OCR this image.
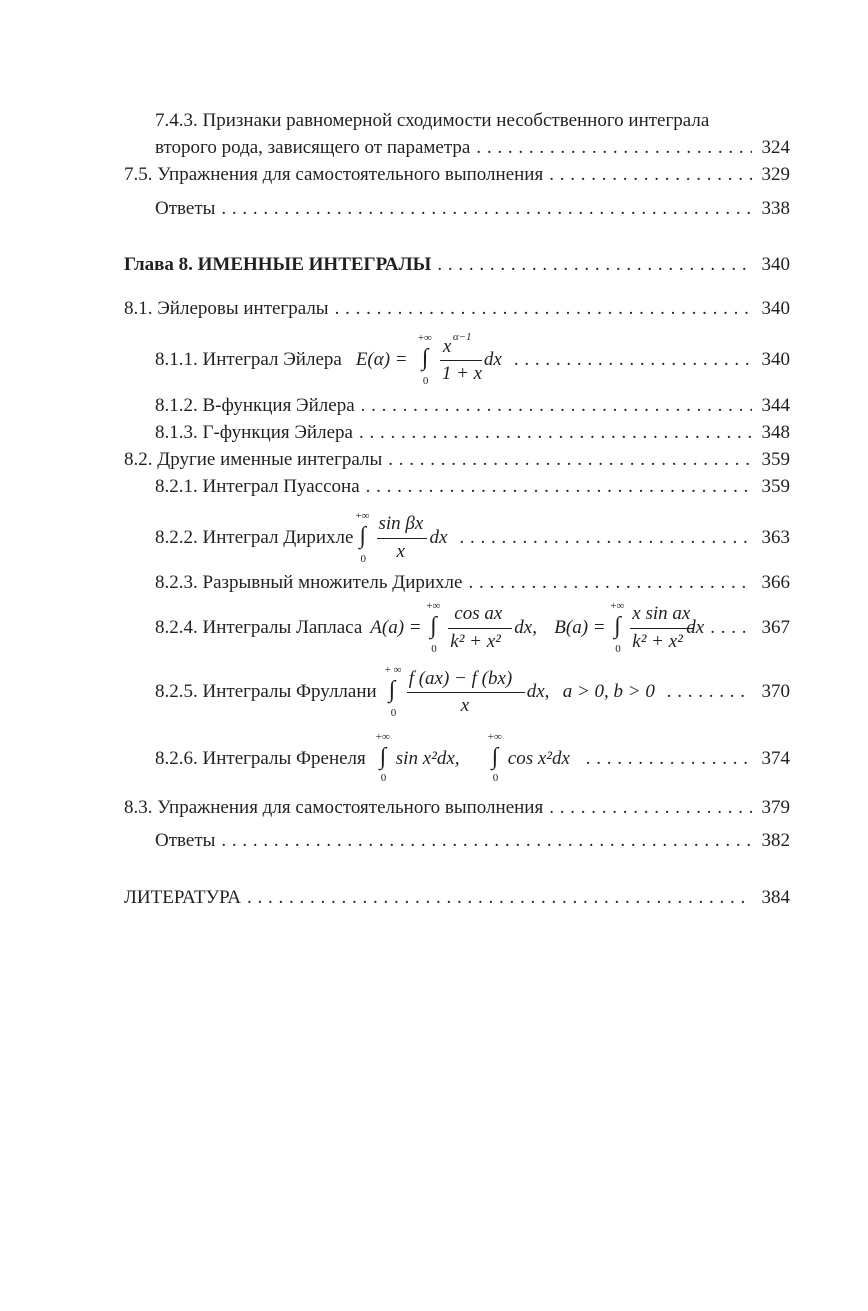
7.4.3. Признаки равномерной сходимости несобственного интеграла
второго рода, зависящего от параметра . . .	324
7.5. Упражнения для самостоятельного выполнения . . .	329
Ответы . . .	338
Глава 8. ИМЕННЫЕ ИНТЕГРАЛЫ . . .	340
8.1. Эйлеровы интегралы . . .	340
8.1.1. Интеграл Эйлера E(α) =
+∞
∫
0
x α−1
1 + x
dx . . .	340
8.1.2. В-функция Эйлера . . .	344
8.1.3. Г-функция Эйлера . . .	348
8.2. Другие именные интегралы . . .	359
8.2.1. Интеграл Пуассона . . .	359
8.2.2. Интеграл Дирихле
+∞
∫
0
sin βx
x
dx . . .	363
8.2.3. Разрывный множитель Дирихле . . .	366
8.2.4. Интегралы Лапласа A(a) =
+∞
∫
0
cos ax
k² + x²
dx, B(a) =
+∞
∫
0
x sin ax
k² + x²
dx . . .	367
8.2.5. Интегралы Фруллани
+ ∞
∫
0
f (ax) − f (bx)
x
dx, a > 0, b > 0 . . .	370
8.2.6. Интегралы Френеля
+∞
∫
0
sin x²dx,
+∞
∫
0
cos x²dx . . .	374
8.3. Упражнения для самостоятельного выполнения . . .	379
Ответы . . .	382
ЛИТЕРАТУРА . . .	384
